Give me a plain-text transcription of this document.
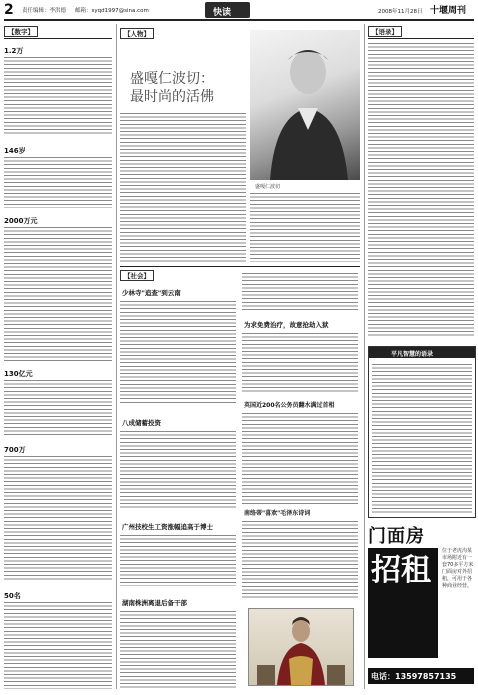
2 责任编辑：李洪德 邮箱：syqd1997@sina.com	快读	2008年11月28日 十堰周刊
【数字】
1.2万
146岁
2000万元
130亿元
700万
50名
【人物】
盛嘎仁波切：
最时尚的活佛
盛嘎仁波切
【社会】
少林寺"追查"到云南
八成储蓄投资
广州技校生工资涨幅追高于博士
湖南株洲离退后备干部
为求免费治疗，故意抢劫入狱
英国近200名公务员翻水满过首相
南络蒂"喜欢"毛泽东诗词
【语录】
平凡智慧的语录
门面房
招租
位于老虎沟某市场附近有一套70多平方米门面房对外招租，可用于各种商业经营。
电话：13597857135
